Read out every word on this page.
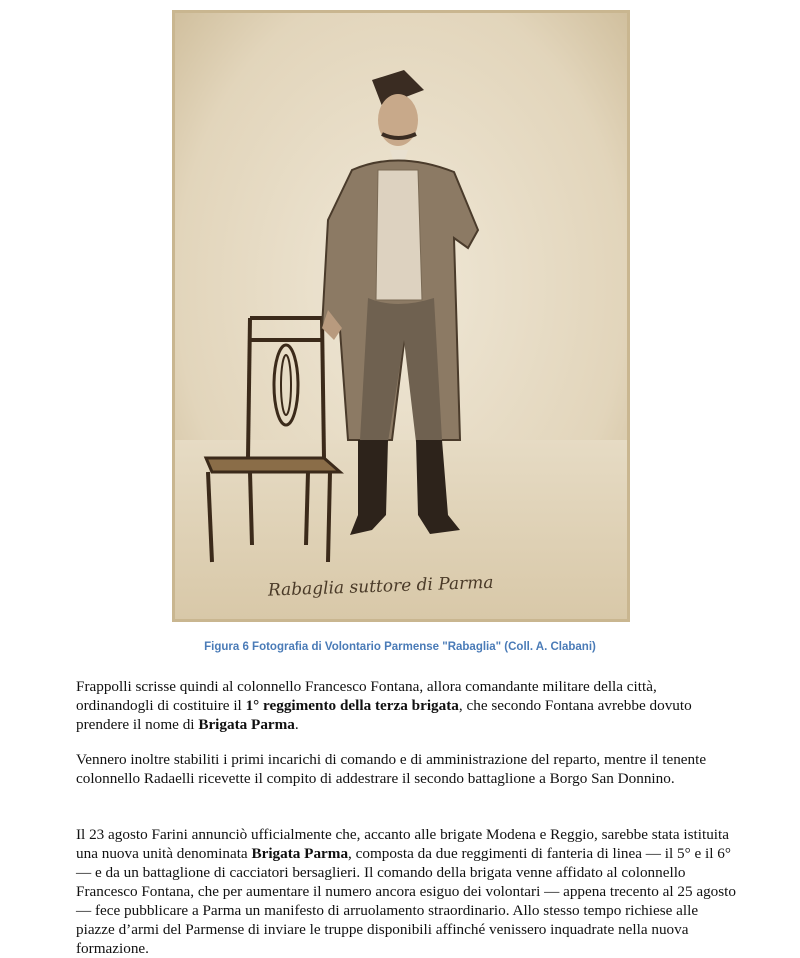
Rabaglia suttore di Parma
Figura 6 Fotografia di Volontario Parmense "Rabaglia" (Coll. A. Clabani)

Frappolli scrisse quindi al colonnello Francesco Fontana, allora comandante militare della città, ordinandogli di costituire il 1° reggimento della terza brigata, che secondo Fontana avrebbe dovuto prendere il nome di Brigata Parma.

Vennero inoltre stabiliti i primi incarichi di comando e di amministrazione del reparto, mentre il tenente colonnello Radaelli ricevette il compito di addestrare il secondo battaglione a Borgo San Donnino.

Il 23 agosto Farini annunciò ufficialmente che, accanto alle brigate Modena e Reggio, sarebbe stata istituita una nuova unità denominata Brigata Parma, composta da due reggimenti di fanteria di linea — il 5° e il 6° — e da un battaglione di cacciatori bersaglieri. Il comando della brigata venne affidato al colonnello Francesco Fontana, che per aumentare il numero ancora esiguo dei volontari — appena trecento al 25 agosto — fece pubblicare a Parma un manifesto di arruolamento straordinario. Allo stesso tempo richiese alle piazze d’armi del Parmense di inviare le truppe disponibili affinché venissero inquadrate nella nuova formazione.
